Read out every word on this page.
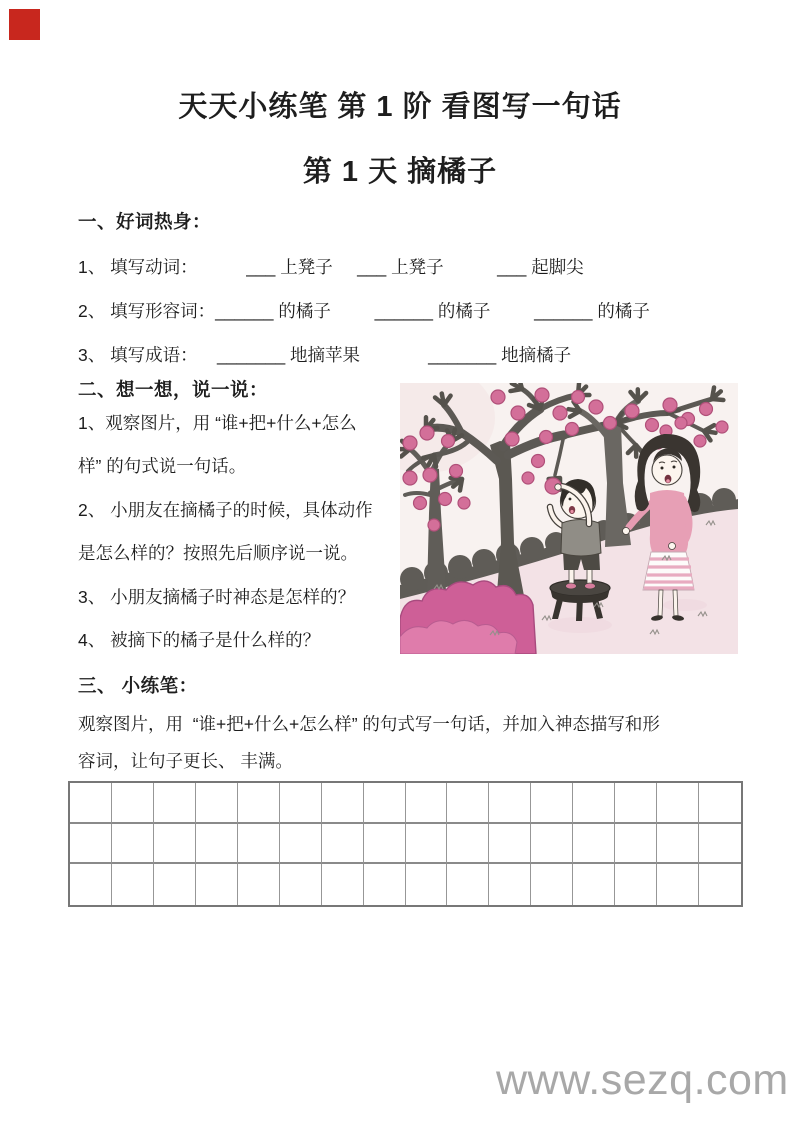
天天小练笔 第 1 阶 看图写一句话
第 1 天 摘橘子
一、好词热身：
1、 填写动词：          ___ 上凳子     ___ 上凳子           ___ 起脚尖
2、 填写形容词：______ 的橘子         ______ 的橘子         ______ 的橘子
3、 填写成语：    _______ 地摘苹果              _______ 地摘橘子
二、想一想，说一说：
1、观察图片，用 “谁+把+什么+怎么
样” 的句式说一句话。
2、 小朋友在摘橘子的时候，具体动作
是怎么样的？按照先后顺序说一说。
3、 小朋友摘橘子时神态是怎样的？
4、 被摘下的橘子是什么样的？
三、 小练笔：
观察图片，用  “谁+把+什么+怎么样” 的句式写一句话，并加入神态描写和形
容词，让句子更长、 丰满。
www.sezq.com
